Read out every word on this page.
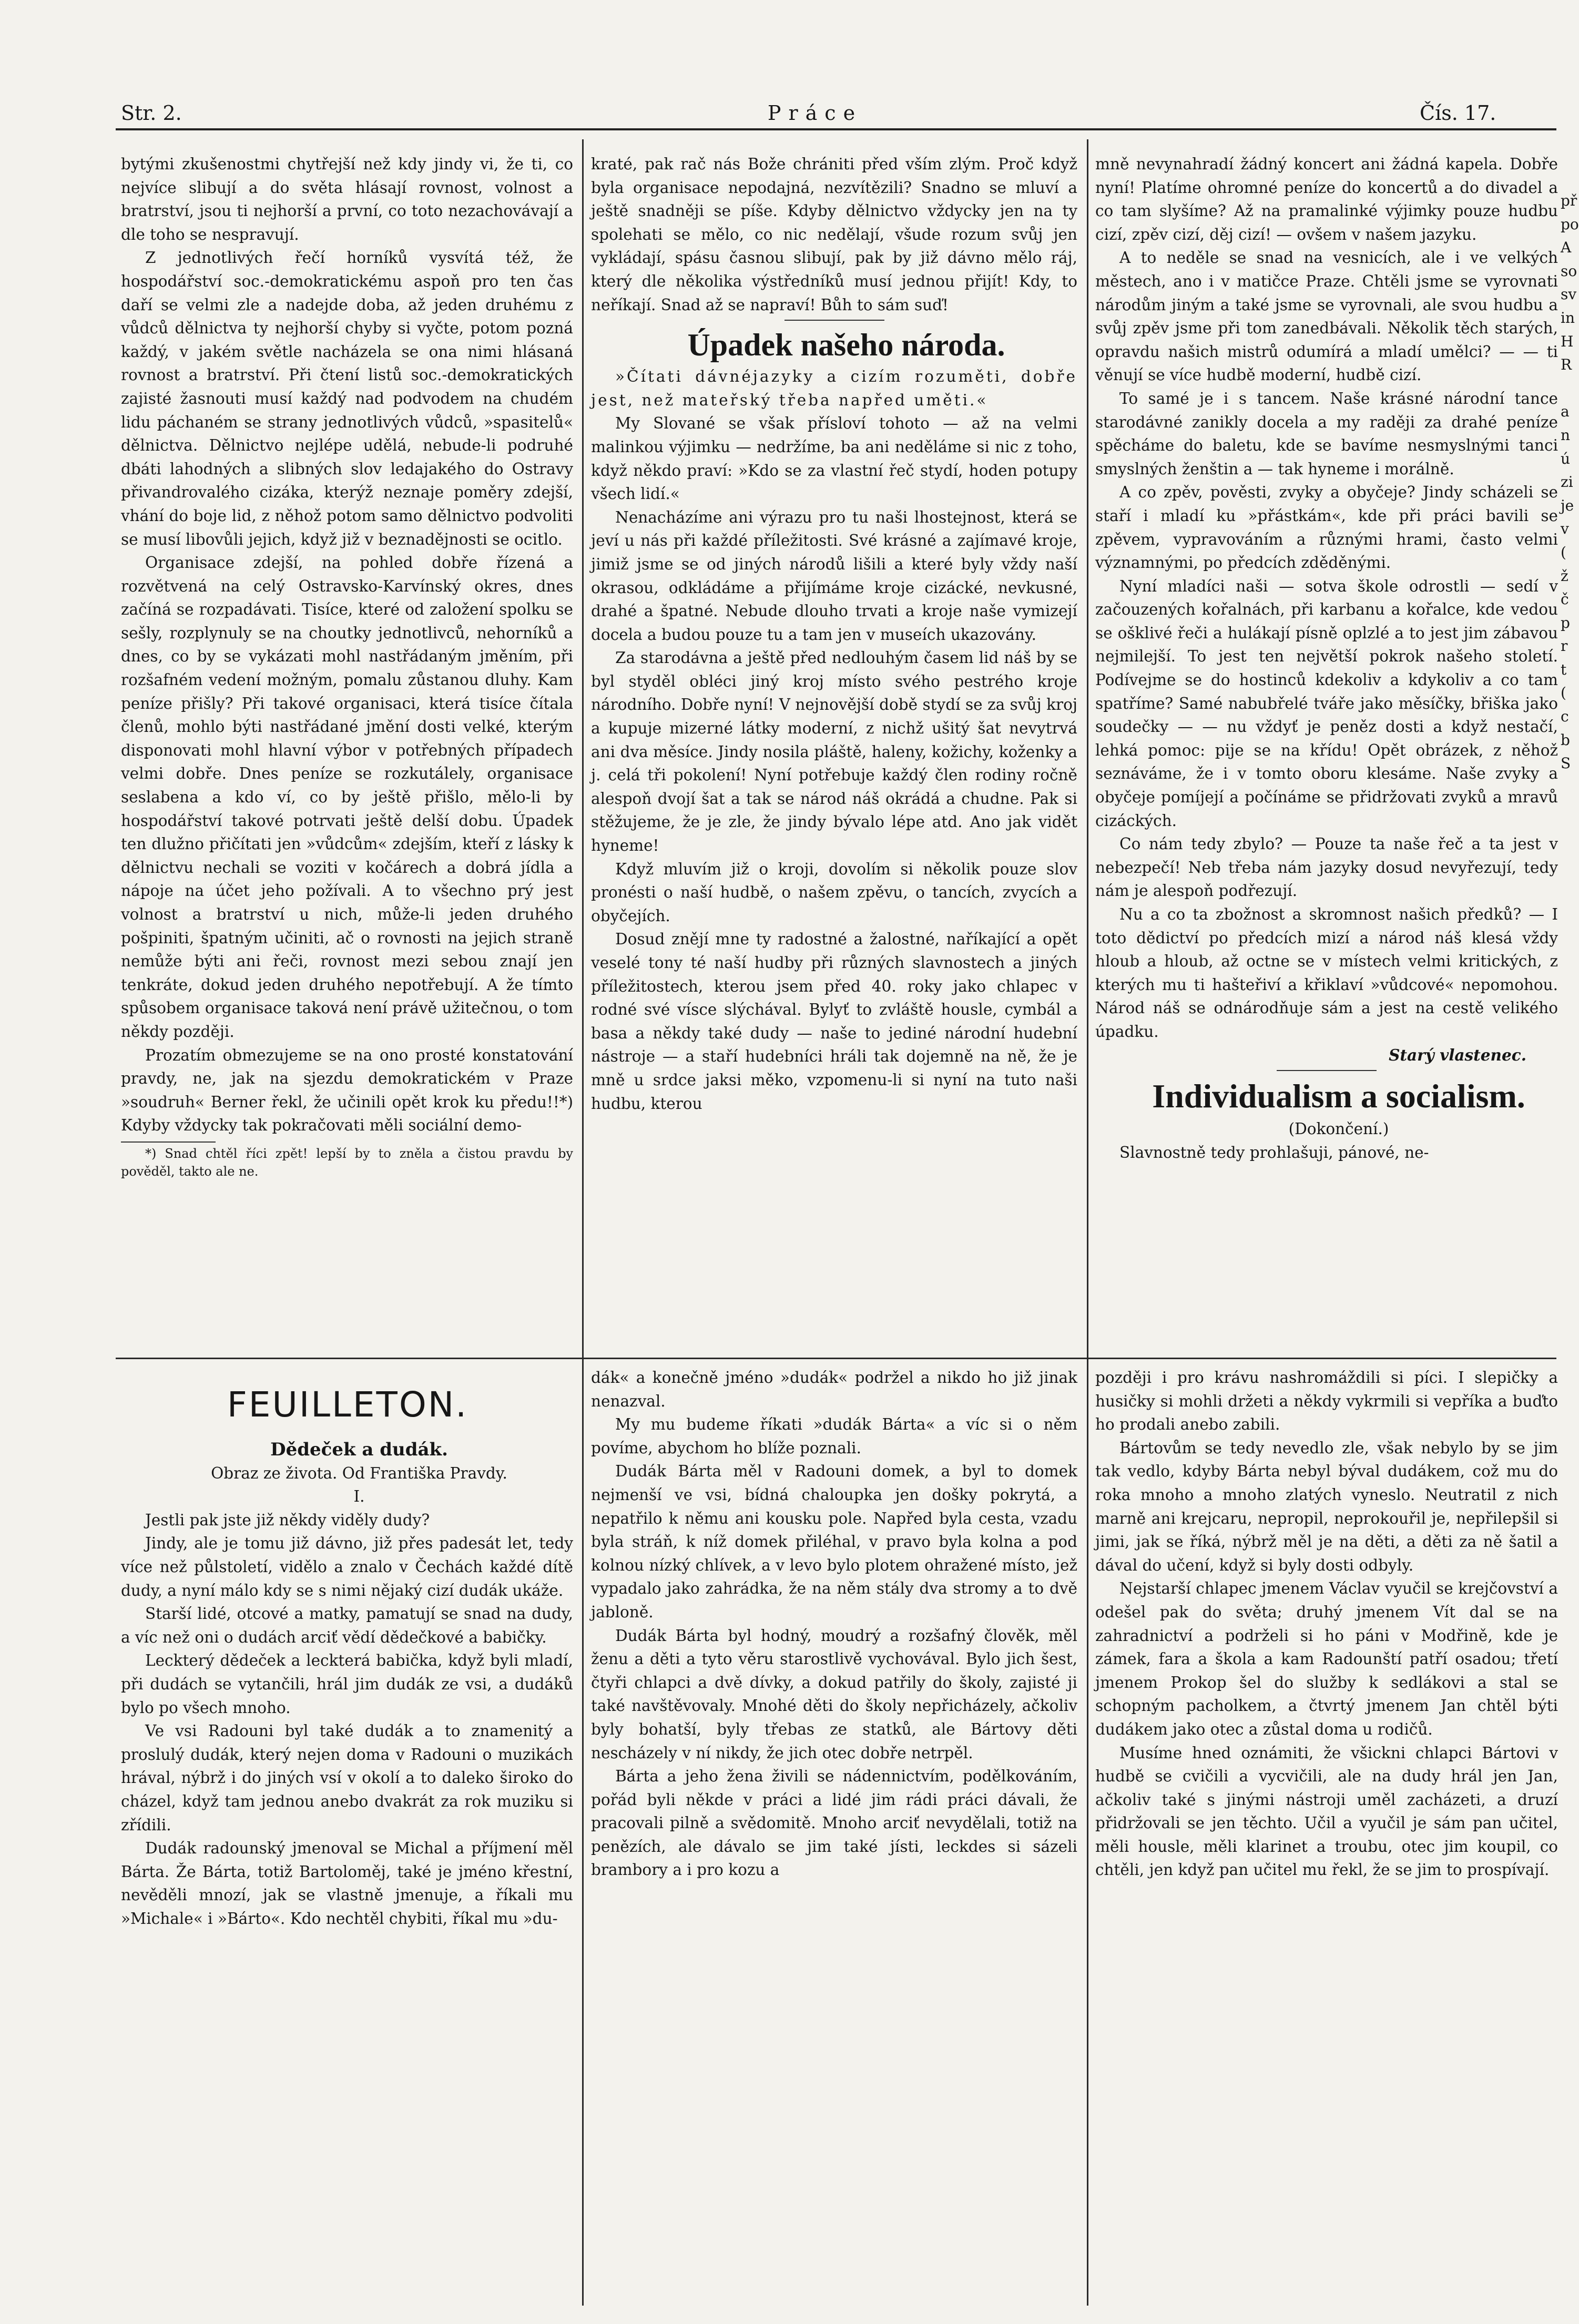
Str. 2.	Práce	Čís. 17.

bytými zkušenostmi chytřejší než kdy jindy vi, že ti, co nejvíce slibují a do světa hlásají rovnost, volnost a bratrství, jsou ti nejhorší a první, co toto nezachovávají a dle toho se nespravují.

Z jednotlivých řečí horníků vysvítá též, že hospodářství soc.-demokratickému aspoň pro ten čas daří se velmi zle a nadejde doba, až jeden druhému z vůdců dělnictva ty nejhorší chyby si vyčte, potom pozná každý, v jakém světle nacházela se ona nimi hlásaná rovnost a bratrství. Při čtení listů soc.-demokratických zajisté žasnouti musí každý nad podvodem na chudém lidu páchaném se strany jednotlivých vůdců, »spasitelů« dělnictva. Dělnictvo nejlépe udělá, nebude-li podruhé dbáti lahodných a slibných slov ledajakého do Ostravy přivandrovalého cizáka, kterýž neznaje poměry zdejší, vhání do boje lid, z něhož potom samo dělnictvo podvoliti se musí libovůli jejich, když již v beznadějnosti se ocitlo.

Organisace zdejší, na pohled dobře řízená a rozvětvená na celý Ostravsko-Karvínský okres, dnes začíná se rozpadávati. Tisíce, které od založení spolku se sešly, rozplynuly se na choutky jednotlivců, nehorníků a dnes, co by se vykázati mohl nastřádaným jměním, při rozšafném vedení možným, pomalu zůstanou dluhy. Kam peníze přišly? Při takové organisaci, která tisíce čítala členů, mohlo býti nastřádané jmění dosti velké, kterým disponovati mohl hlavní výbor v potřebných případech velmi dobře. Dnes peníze se rozkutálely, organisace seslabena a kdo ví, co by ještě přišlo, mělo-li by hospodářství takové potrvati ještě delší dobu. Úpadek ten dlužno přičítati jen »vůdcům« zdejším, kteří z lásky k dělnictvu nechali se voziti v kočárech a dobrá jídla a nápoje na účet jeho požívali. A to všechno prý jest volnost a bratrství u nich, může-li jeden druhého pošpiniti, špatným učiniti, ač o rovnosti na jejich straně nemůže býti ani řeči, rovnost mezi sebou znají jen tenkráte, dokud jeden druhého nepotřebují. A že tímto spůsobem organisace taková není právě užitečnou, o tom někdy později.

Prozatím obmezujeme se na ono prosté konstatování pravdy, ne, jak na sjezdu demokratickém v Praze »soudruh« Berner řekl, že učinili opět krok ku předu!!*) Kdyby vždycky tak pokračovati měli sociální demo-

*) Snad chtěl říci zpět! lepší by to zněla a čistou pravdu by pověděl, takto ale ne.

kraté, pak rač nás Bože chrániti před vším zlým. Proč když byla organisace nepodajná, nezvítězili? Snadno se mluví a ještě snadněji se píše. Kdyby dělnictvo vždycky jen na ty spolehati se mělo, co nic nedělají, všude rozum svůj jen vykládají, spásu časnou slibují, pak by již dávno mělo ráj, který dle několika výstředníků musí jednou přijít! Kdy, to neříkají. Snad až se napraví! Bůh to sám suď!

Úpadek našeho národa.

»Čítati dávnéjazyky a cizím rozuměti, dobře jest, než mateřský třeba napřed uměti.«

My Slované se však přísloví tohoto — až na velmi malinkou výjimku — nedržíme, ba ani neděláme si nic z toho, když někdo praví: »Kdo se za vlastní řeč stydí, hoden potupy všech lidí.«

Nenacházíme ani výrazu pro tu naši lhostejnost, která se jeví u nás při každé příležitosti. Své krásné a zajímavé kroje, jimiž jsme se od jiných národů lišili a které byly vždy naší okrasou, odkládáme a přijímáme kroje cizácké, nevkusné, drahé a špatné. Nebude dlouho trvati a kroje naše vymizejí docela a budou pouze tu a tam jen v museích ukazovány.

Za starodávna a ještě před nedlouhým časem lid náš by se byl styděl obléci jiný kroj místo svého pestrého kroje národního. Dobře nyní! V nejnovější době stydí se za svůj kroj a kupuje mizerné látky moderní, z nichž ušitý šat nevytrvá ani dva měsíce. Jindy nosila pláště, haleny, kožichy, koženky a j. celá tři pokolení! Nyní potřebuje každý člen rodiny ročně alespoň dvojí šat a tak se národ náš okrádá a chudne. Pak si stěžujeme, že je zle, že jindy bývalo lépe atd. Ano jak vidět hyneme!

Když mluvím již o kroji, dovolím si několik pouze slov pronésti o naší hudbě, o našem zpěvu, o tancích, zvycích a obyčejích.

Dosud znějí mne ty radostné a žalostné, naříkající a opět veselé tony té naší hudby při různých slavnostech a jiných příležitostech, kterou jsem před 40. roky jako chlapec v rodné své vísce slýchával. Bylyť to zvláště housle, cymbál a basa a někdy také dudy — naše to jediné národní hudební nástroje — a staří hudebníci hráli tak dojemně na ně, že je mně u srdce jaksi měko, vzpomenu-li si nyní na tuto naši hudbu, kterou

mně nevynahradí žádný koncert ani žádná kapela. Dobře nyní! Platíme ohromné peníze do koncertů a do divadel a co tam slyšíme? Až na pramalinké výjimky pouze hudbu cizí, zpěv cizí, děj cizí! — ovšem v našem jazyku.

A to neděle se snad na vesnicích, ale i ve velkých městech, ano i v matičce Praze. Chtěli jsme se vyrovnati národům jiným a také jsme se vyrovnali, ale svou hudbu a svůj zpěv jsme při tom zanedbávali. Několik těch starých, opravdu našich mistrů odumírá a mladí umělci? — — ti věnují se více hudbě moderní, hudbě cizí.

To samé je i s tancem. Naše krásné národní tance starodávné zanikly docela a my raději za drahé peníze spěcháme do baletu, kde se bavíme nesmyslnými tanci smyslných ženštin a — tak hyneme i morálně.

A co zpěv, pověsti, zvyky a obyčeje? Jindy scházeli se staří i mladí ku »přástkám«, kde při práci bavili se zpěvem, vypravováním a různými hrami, často velmi významnými, po předcích zděděnými.

Nyní mladíci naši — sotva škole odrostli — sedí v začouzených kořalnách, při karbanu a kořalce, kde vedou se ošklivé řeči a hulákají písně oplzlé a to jest jim zábavou nejmilejší. To jest ten největší pokrok našeho století. Podívejme se do hostinců kdekoliv a kdykoliv a co tam spatříme? Samé nabubřelé tváře jako měsíčky, břiška jako soudečky — — nu vždyť je peněz dosti a když nestačí, lehká pomoc: pije se na křídu! Opět obrázek, z něhož seznáváme, že i v tomto oboru klesáme. Naše zvyky a obyčeje pomíjejí a počínáme se přidržovati zvyků a mravů cizáckých.

Co nám tedy zbylo? — Pouze ta naše řeč a ta jest v nebezpečí! Neb třeba nám jazyky dosud nevyřezují, tedy nám je alespoň podřezují.

Nu a co ta zbožnost a skromnost našich předků? — I toto dědictví po předcích mizí a národ náš klesá vždy hloub a hloub, až octne se v místech velmi kritických, z kterých mu ti hašteřiví a křiklaví »vůdcové« nepomohou. Národ náš se odnárodňuje sám a jest na cestě velikého úpadku.

Starý vlastenec.

Individualism a socialism.

(Dokončení.)

Slavnostně tedy prohlašuji, pánové, ne-

FEUILLETON.

Dědeček a dudák.

Obraz ze života. Od Františka Pravdy.

I.

Jestli pak jste již někdy viděly dudy?

Jindy, ale je tomu již dávno, již přes padesát let, tedy více než půlstoletí, vidělo a znalo v Čechách každé dítě dudy, a nyní málo kdy se s nimi nějaký cizí dudák ukáže.

Starší lidé, otcové a matky, pamatují se snad na dudy, a víc než oni o dudách arciť vědí dědečkové a babičky.

Leckterý dědeček a leckterá babička, když byli mladí, při dudách se vytančili, hrál jim dudák ze vsi, a dudáků bylo po všech mnoho.

Ve vsi Radouni byl také dudák a to znamenitý a proslulý dudák, který nejen doma v Radouni o muzikách hrával, nýbrž i do jiných vsí v okolí a to daleko široko do cházel, když tam jednou anebo dvakrát za rok muziku si zřídili.

Dudák radounský jmenoval se Michal a příjmení měl Bárta. Že Bárta, totiž Bartoloměj, také je jméno křestní, nevěděli mnozí, jak se vlastně jmenuje, a říkali mu »Michale« i »Bárto«. Kdo nechtěl chybiti, říkal mu »du-

dák« a konečně jméno »dudák« podržel a nikdo ho již jinak nenazval.

My mu budeme říkati »dudák Bárta« a víc si o něm povíme, abychom ho blíže poznali.

Dudák Bárta měl v Radouni domek, a byl to domek nejmenší ve vsi, bídná chaloupka jen došky pokrytá, a nepatřilo k němu ani kousku pole. Napřed byla cesta, vzadu byla stráň, k níž domek přiléhal, v pravo byla kolna a pod kolnou nízký chlívek, a v levo bylo plotem ohražené místo, jež vypadalo jako zahrádka, že na něm stály dva stromy a to dvě jabloně.

Dudák Bárta byl hodný, moudrý a rozšafný člověk, měl ženu a děti a tyto věru starostlivě vychovával. Bylo jich šest, čtyři chlapci a dvě dívky, a dokud patřily do školy, zajisté ji také navštěvovaly. Mnohé děti do školy nepřicházely, ačkoliv byly bohatší, byly třebas ze statků, ale Bártovy děti nescházely v ní nikdy, že jich otec dobře netrpěl.

Bárta a jeho žena živili se nádennictvím, podělkováním, pořád byli někde v práci a lidé jim rádi práci dávali, že pracovali pilně a svědomitě. Mnoho arciť nevydělali, totiž na penězích, ale dávalo se jim také jísti, leckdes si sázeli brambory a i pro kozu a

později i pro krávu nashromáždili si píci. I slepičky a husičky si mohli držeti a někdy vykrmili si vepříka a buďto ho prodali anebo zabili.

Bártovům se tedy nevedlo zle, však nebylo by se jim tak vedlo, kdyby Bárta nebyl býval dudákem, což mu do roka mnoho a mnoho zlatých vyneslo. Neutratil z nich marně ani krejcaru, nepropil, neprokouřil je, nepřilepšil si jimi, jak se říká, nýbrž měl je na děti, a děti za ně šatil a dával do učení, když si byly dosti odbyly.

Nejstarší chlapec jmenem Václav vyučil se krejčovství a odešel pak do světa; druhý jmenem Vít dal se na zahradnictví a podrželi si ho páni v Modřině, kde je zámek, fara a škola a kam Radounští patří osadou; třetí jmenem Prokop šel do služby k sedlákovi a stal se schopným pacholkem, a čtvrtý jmenem Jan chtěl býti dudákem jako otec a zůstal doma u rodičů.

Musíme hned oznámiti, že všickni chlapci Bártovi v hudbě se cvičili a vycvičili, ale na dudy hrál jen Jan, ačkoliv také s jinými nástroji uměl zacházeti, a druzí přidržovali se jen těchto. Učil a vyučil je sám pan učitel, měli housle, měli klarinet a troubu, otec jim koupil, co chtěli, jen když pan učitel mu řekl, že se jim to prospívají.

př
po
A
so
sv
in
H
R

a
n
ú
zi
je
v
(
ž
č
p
r
t
(
c
b
S
